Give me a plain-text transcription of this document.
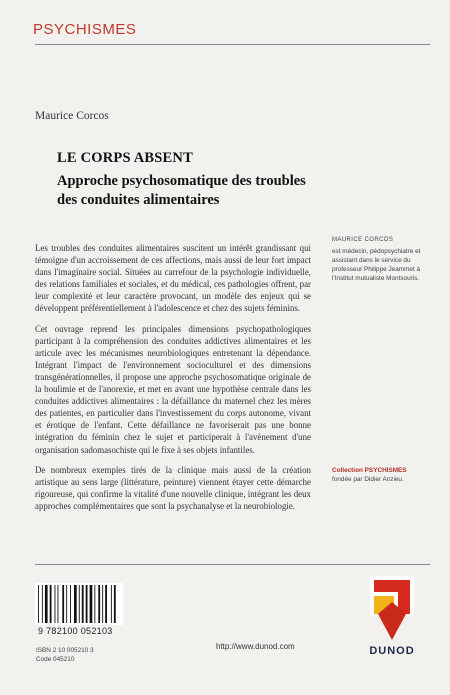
PSYCHISMES
Maurice Corcos
LE CORPS ABSENT
Approche psychosomatique des troubles des conduites alimentaires

Les troubles des conduites alimentaires suscitent un intérêt grandissant qui témoigne d'un accroissement de ces affections, mais aussi de leur fort impact dans l'imaginaire social. Situées au carrefour de la psychologie individuelle, des relations familiales et sociales, et du médical, ces pathologies offrent, par leur complexité et leur caractère provocant, un modèle des enjeux qui se développent préférentiellement à l'adolescence et chez des sujets féminins.

Cet ouvrage reprend les principales dimensions psychopathologiques participant à la compréhension des conduites addictives alimentaires et les articule avec les mécanismes neurobiologiques entretenant la dépendance. Intégrant l'impact de l'environnement socioculturel et des dimensions transgénérationnelles, il propose une approche psychosomatique originale de la boulimie et de l'anorexie, et met en avant une hypothèse centrale dans les conduites addictives alimentaires : la défaillance du maternel chez les mères des patientes, en particulier dans l'investissement du corps autonome, vivant et érotique de l'enfant. Cette défaillance ne favoriserait pas une bonne intégration du féminin chez le sujet et participerait à l'avènement d'une organisation sadomasochiste qui le fixe à ses objets infantiles.

De nombreux exemples tirés de la clinique mais aussi de la création artistique au sens large (littérature, peinture) viennent étayer cette démarche rigoureuse, qui confirme la vitalité d'une nouvelle clinique, intégrant les deux approches complémentaires que sont la psychanalyse et la neurobiologie.

MAURICE CORCOS
est médecin, pédopsychiatre et assistant dans le service du professeur Philippe Jeammet à l'Institut mutualiste Montsouris.
Collection PSYCHISMES
fondée par Didier Anzieu.
9 782100 052103
ISBN 2 10 005210 3
Code 045210
http://www.dunod.com	DUNOD
